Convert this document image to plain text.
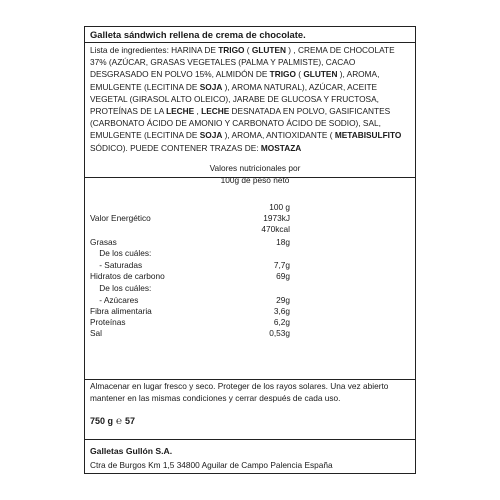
Galleta sándwich rellena de crema de chocolate.
Lista de ingredientes: HARINA DE TRIGO ( GLUTEN ) , CREMA DE CHOCOLATE 37% (AZÚCAR, GRASAS VEGETALES (PALMA Y PALMISTE), CACAO DESGRASADO EN POLVO 15%, ALMIDÓN DE TRIGO ( GLUTEN ), AROMA, EMULGENTE (LECITINA DE SOJA ), AROMA NATURAL), AZÚCAR, ACEITE VEGETAL (GIRASOL ALTO OLEICO), JARABE DE GLUCOSA Y FRUCTOSA, PROTEÍNAS DE LA LECHE , LECHE DESNATADA EN POLVO, GASIFICANTES (CARBONATO ÁCIDO DE AMONIO Y CARBONATO ÁCIDO DE SODIO), SAL, EMULGENTE (LECITINA DE SOJA ), AROMA, ANTIOXIDANTE ( METABISULFITO SÓDICO). PUEDE CONTENER TRAZAS DE: MOSTAZA
Valores nutricionales por
100g de peso neto
100 g
Valor Energético	1973kJ
470kcal
Grasas	18g
De los cuáles:
- Saturadas	7,7g
Hidratos de carbono	69g
De los cuáles:
- Azúcares	29g
Fibra alimentaria	3,6g
Proteínas	6,2g
Sal	0,53g
Almacenar en lugar fresco y seco. Proteger de los rayos solares. Una vez abierto mantener en las mismas condiciones y cerrar después de cada uso.
750 g ℮ 57
Galletas Gullón S.A.
Ctra de Burgos Km 1,5 34800 Aguilar de Campo Palencia España
